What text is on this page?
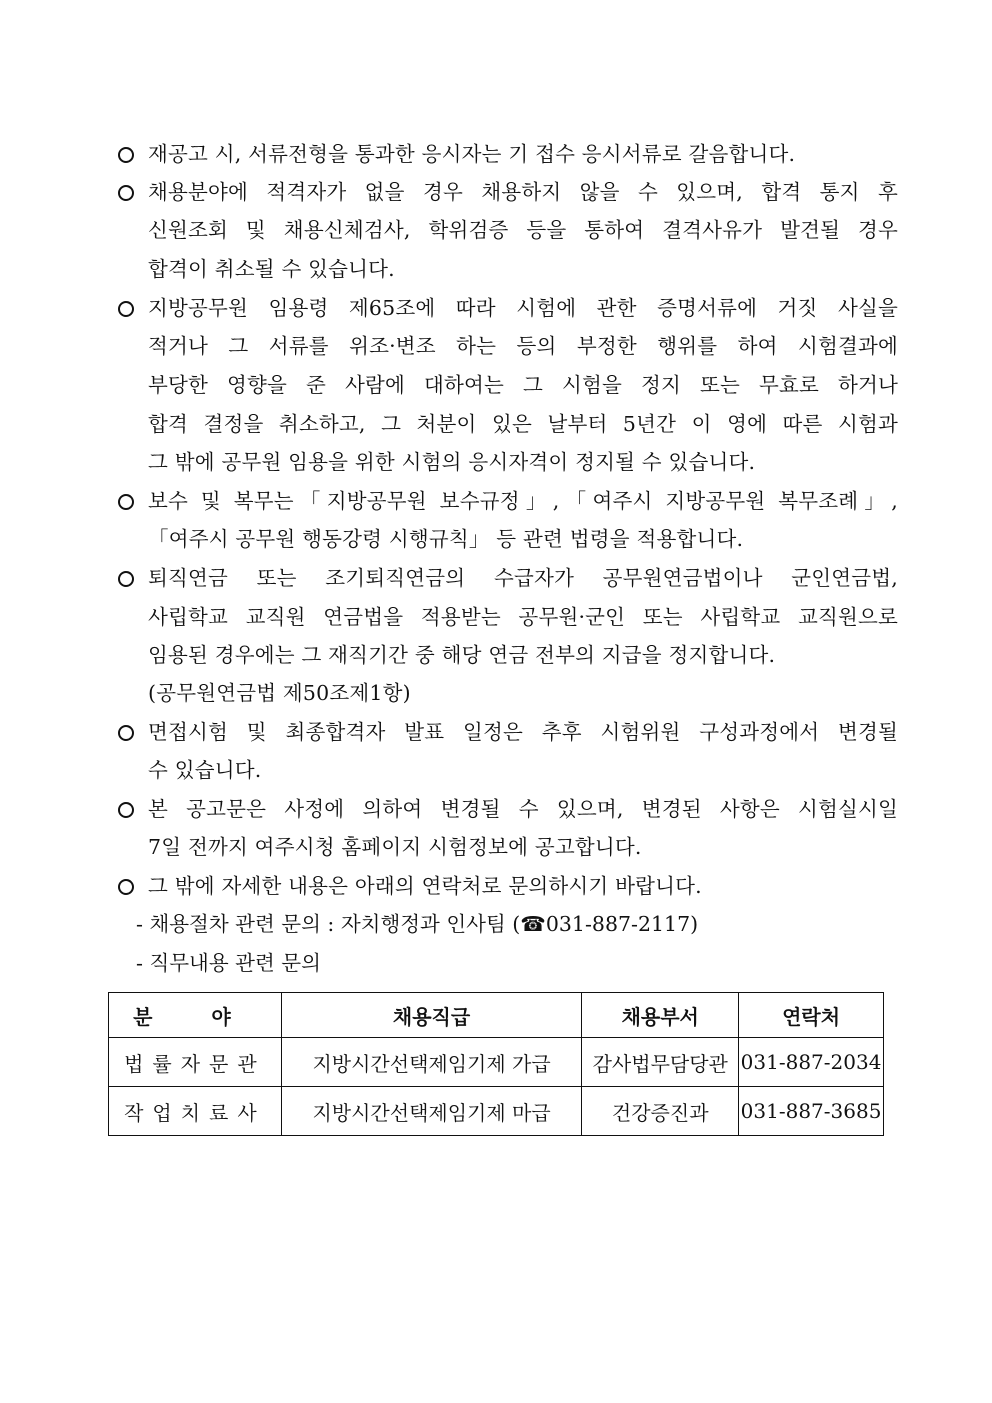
재공고 시, 서류전형을 통과한 응시자는 기 접수 응시서류로 갈음합니다.
채용분야에 적격자가 없을 경우 채용하지 않을 수 있으며, 합격 통지 후
신원조회 및 채용신체검사, 학위검증 등을 통하여 결격사유가 발견될 경우
합격이 취소될 수 있습니다.
지방공무원 임용령 제65조에 따라 시험에 관한 증명서류에 거짓 사실을
적거나 그 서류를 위조·변조 하는 등의 부정한 행위를 하여 시험결과에
부당한 영향을 준 사람에 대하여는 그 시험을 정지 또는 무효로 하거나
합격 결정을 취소하고, 그 처분이 있은 날부터 5년간 이 영에 따른 시험과
그 밖에 공무원 임용을 위한 시험의 응시자격이 정지될 수 있습니다.
보수 및 복무는「지방공무원 보수규정」,「여주시 지방공무원 복무조례」,
「여주시 공무원 행동강령 시행규칙」 등 관련 법령을 적용합니다.
퇴직연금 또는 조기퇴직연금의 수급자가 공무원연금법이나 군인연금법,
사립학교 교직원 연금법을 적용받는 공무원·군인 또는 사립학교 교직원으로
임용된 경우에는 그 재직기간 중 해당 연금 전부의 지급을 정지합니다.
(공무원연금법 제50조제1항)
면접시험 및 최종합격자 발표 일정은 추후 시험위원 구성과정에서 변경될
수 있습니다.
본 공고문은 사정에 의하여 변경될 수 있으며, 변경된 사항은 시험실시일
7일 전까지 여주시청 홈페이지 시험정보에 공고합니다.
그 밖에 자세한 내용은 아래의 연락처로 문의하시기 바랍니다.
- 채용절차 관련 문의 : 자치행정과 인사팀 (☎031-887-2117)
- 직무내용 관련 문의
분 야	채용직급	채용부서	연락처
법률자문관	지방시간선택제임기제 가급	감사법무담당관	031-887-2034
작업치료사	지방시간선택제임기제 마급	건강증진과	031-887-3685
